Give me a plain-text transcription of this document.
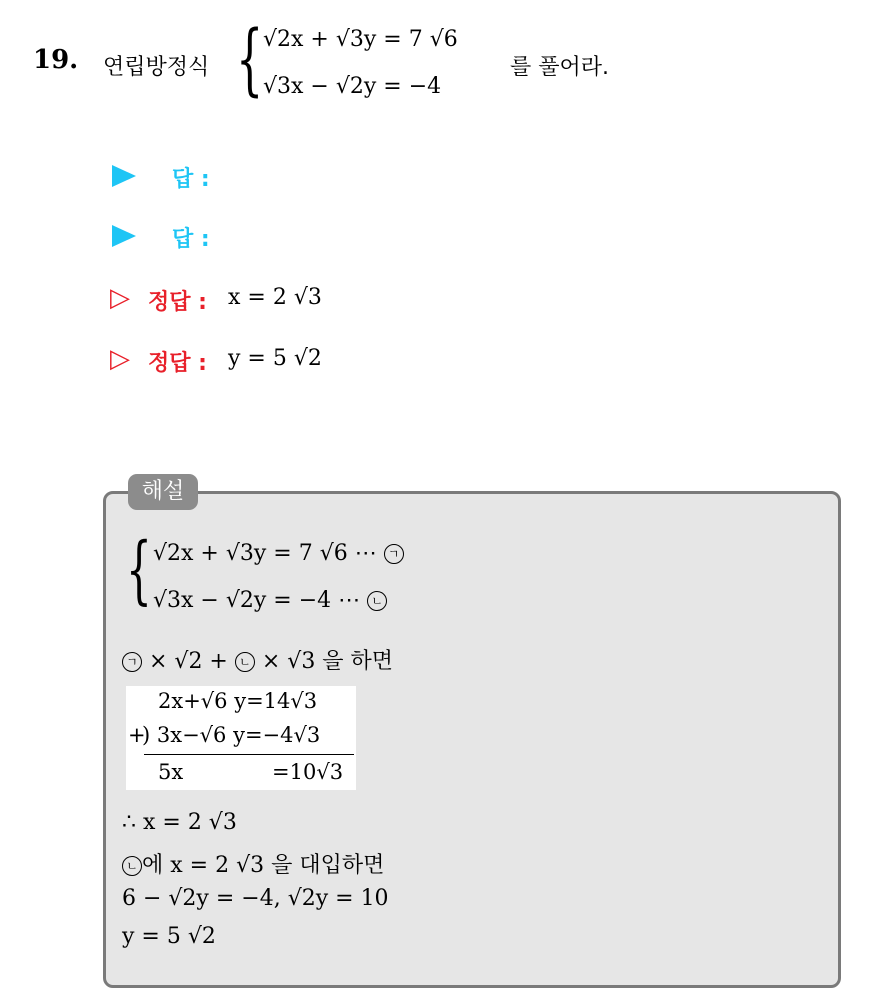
19. 연립방정식 { √2x + √3y = 7 √6
√3x − √2y = −4
를 풀어라.
답 :
답 :
▷ 정답 : x = 2 √3
▷ 정답 : y = 5 √2
해설
{ √2x + √3y = 7 √6 ⋯ ㄱ
√3x − √2y = −4 ⋯ ㄴ
ㄱ × √2 + ㄴ × √3 을 하면
2x+√6 y=14√3
+
) 3x−√6 y=−4√3
5x	=10√3
∴ x = 2 √3
ㄴ 에 x = 2 √3 을 대입하면
6 − √2y = −4, √2y = 10
y = 5 √2
